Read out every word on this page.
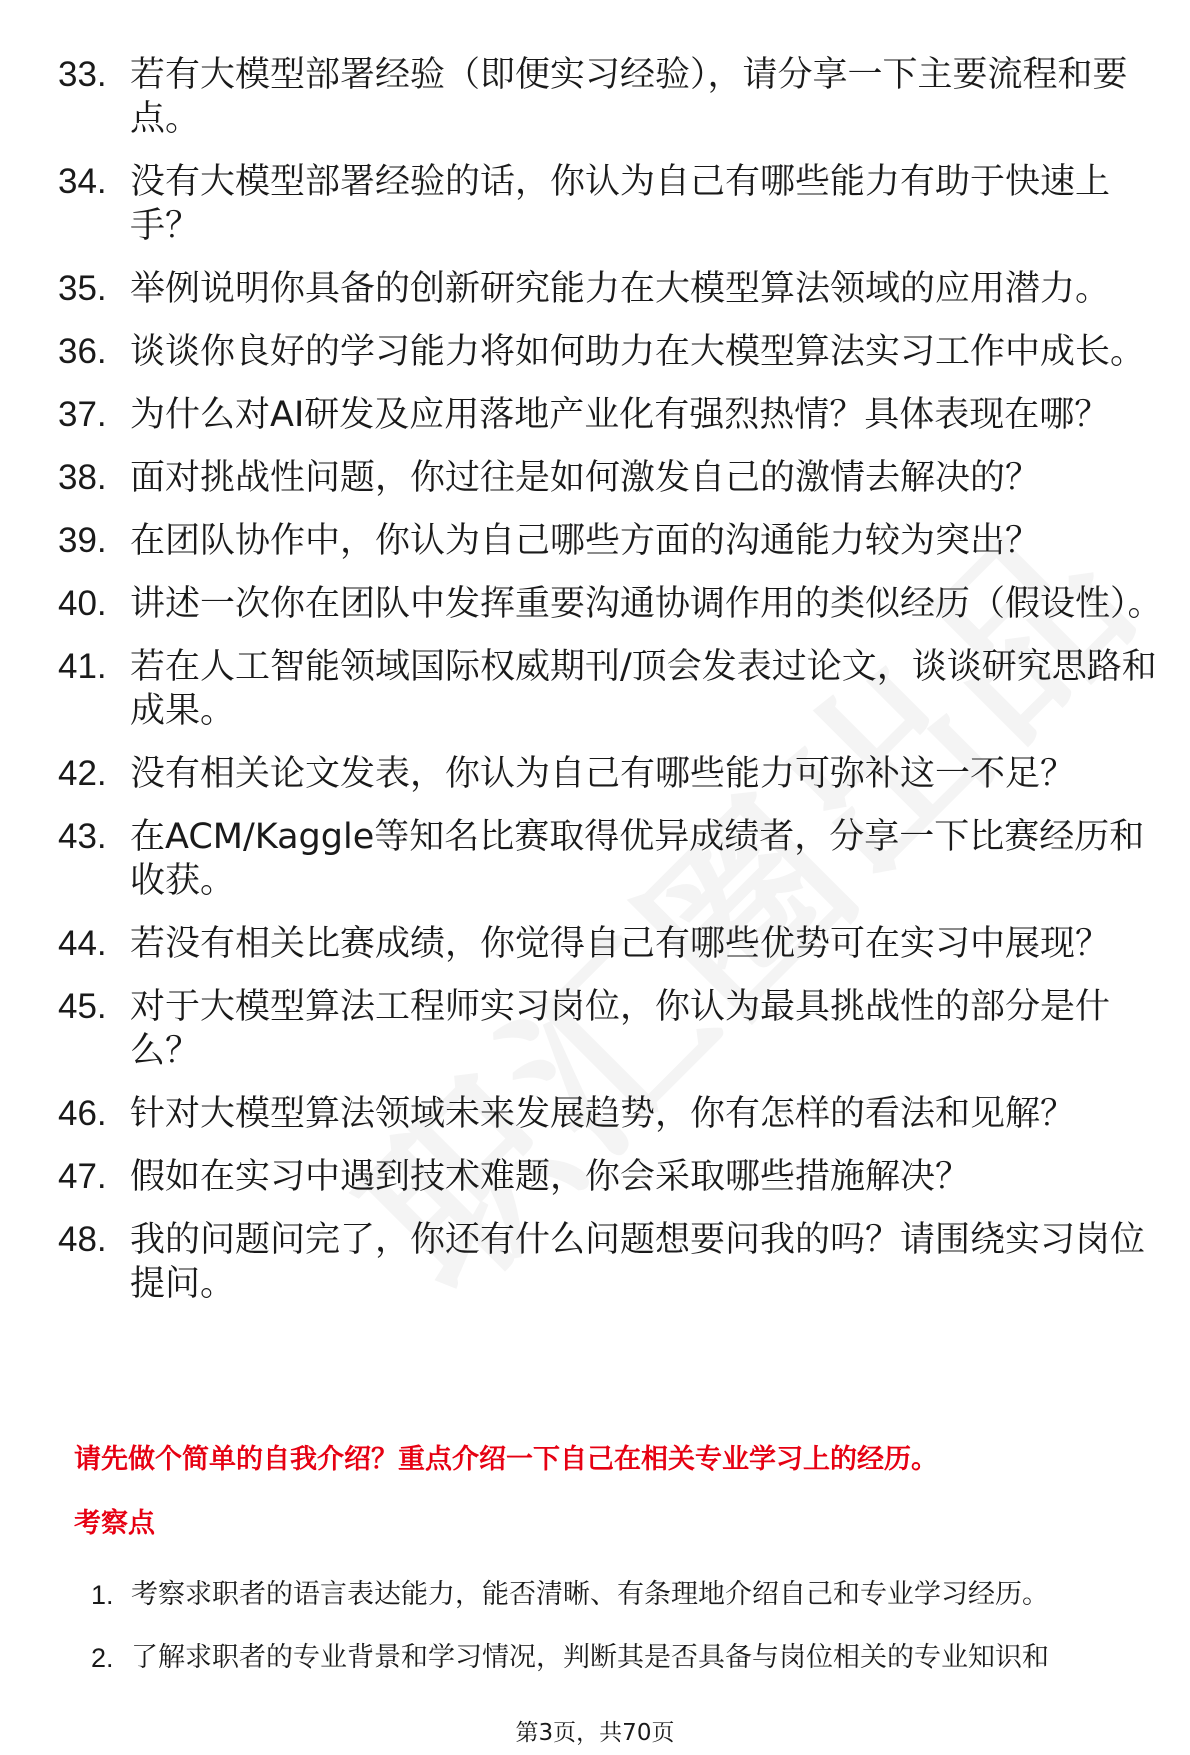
33. 若有大模型部署经验（即便实习经验），请分享一下主要流程和要点。
34. 没有大模型部署经验的话，你认为自己有哪些能力有助于快速上手？
35. 举例说明你具备的创新研究能力在大模型算法领域的应用潜力。
36. 谈谈你良好的学习能力将如何助力在大模型算法实习工作中成长。
37. 为什么对AI研发及应用落地产业化有强烈热情？具体表现在哪？
38. 面对挑战性问题，你过往是如何激发自己的激情去解决的？
39. 在团队协作中，你认为自己哪些方面的沟通能力较为突出？
40. 讲述一次你在团队中发挥重要沟通协调作用的类似经历（假设性）。
41. 若在人工智能领域国际权威期刊/顶会发表过论文，谈谈研究思路和成果。
42. 没有相关论文发表，你认为自己有哪些能力可弥补这一不足？
43. 在ACM/Kaggle等知名比赛取得优异成绩者，分享一下比赛经历和收获。
44. 若没有相关比赛成绩，你觉得自己有哪些优势可在实习中展现？
45. 对于大模型算法工程师实习岗位，你认为最具挑战性的部分是什么？
46. 针对大模型算法领域未来发展趋势，你有怎样的看法和见解？
47. 假如在实习中遇到技术难题，你会采取哪些措施解决？
48. 我的问题问完了，你还有什么问题想要问我的吗？请围绕实习岗位提问。
请先做个简单的自我介绍？重点介绍一下自己在相关专业学习上的经历。
考察点
1. 考察求职者的语言表达能力，能否清晰、有条理地介绍自己和专业学习经历。
2. 了解求职者的专业背景和学习情况，判断其是否具备与岗位相关的专业知识和
第3页，共70页
